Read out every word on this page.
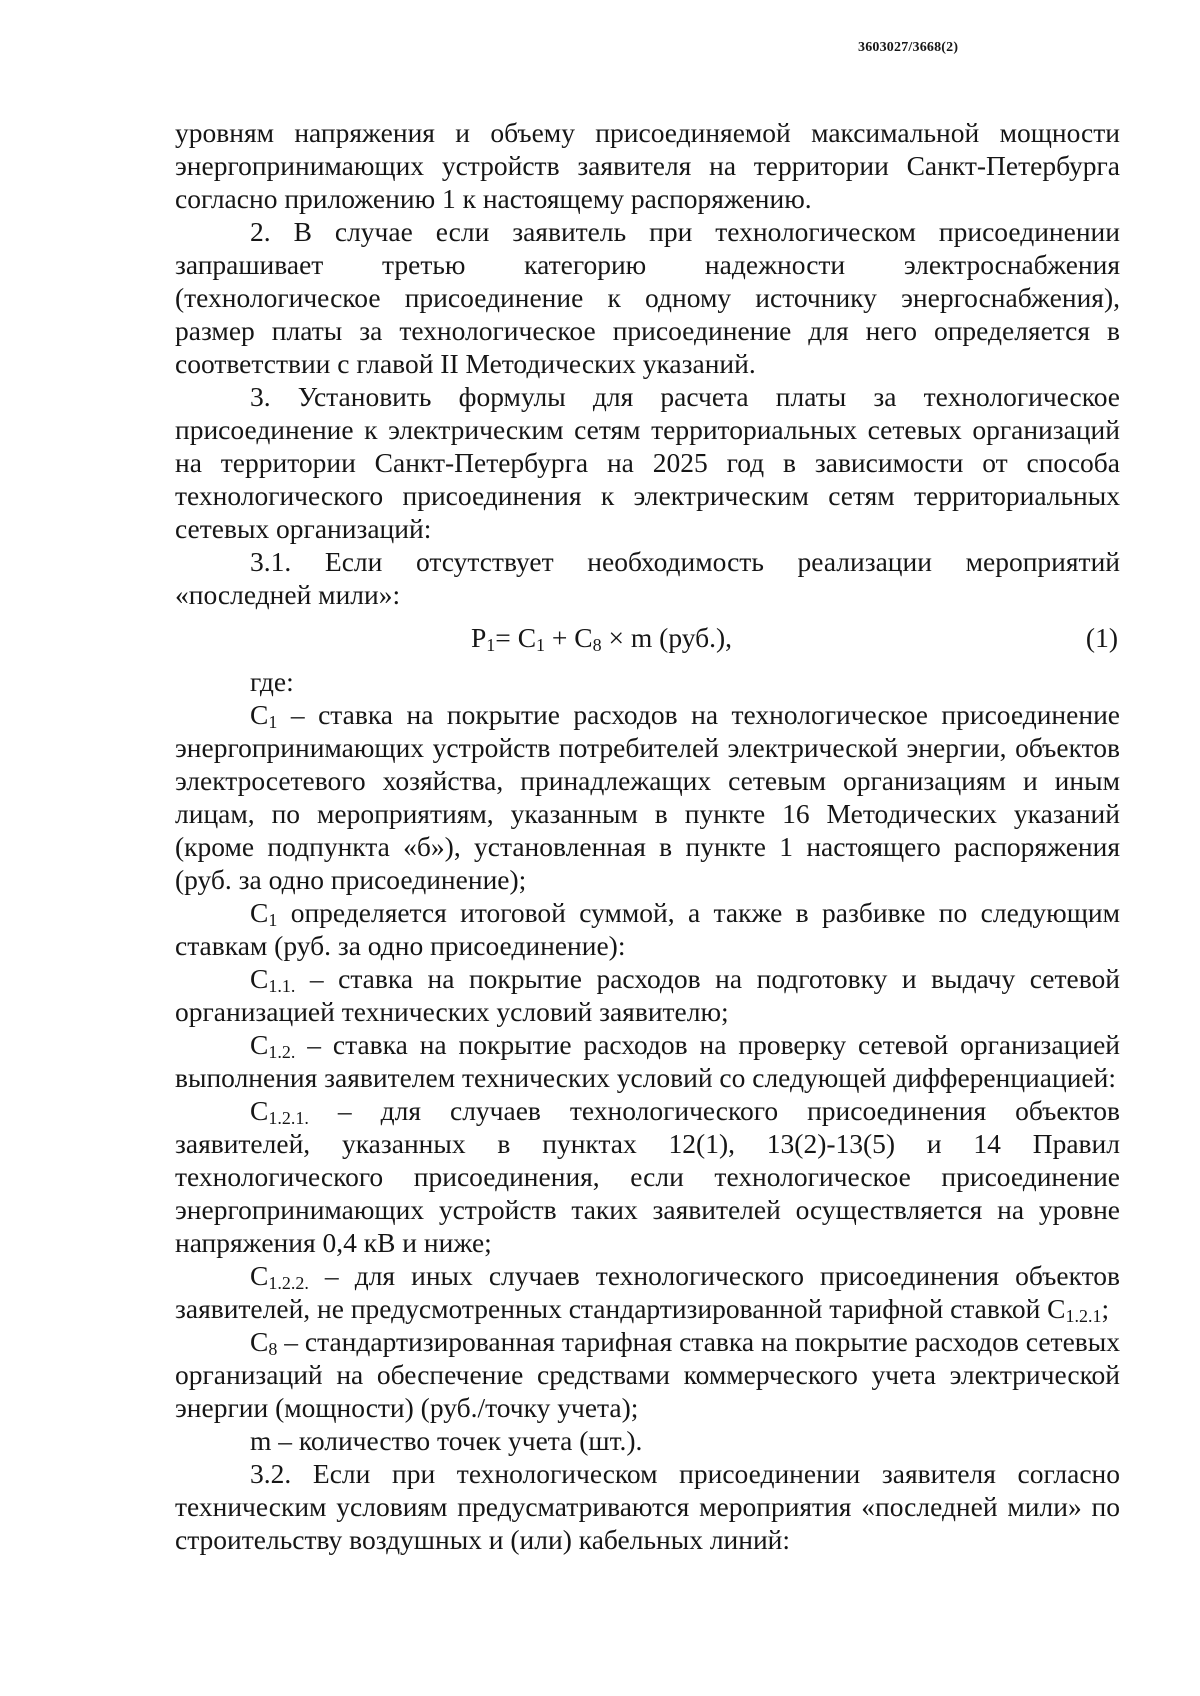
3603027/3668(2)

уровням напряжения и объему присоединяемой максимальной мощности энергопринимающих устройств заявителя на территории Санкт-Петербурга согласно приложению 1 к настоящему распоряжению.

2. В случае если заявитель при технологическом присоединении запрашивает третью категорию надежности электроснабжения (технологическое присоединение к одному источнику энергоснабжения), размер платы за технологическое присоединение для него определяется в соответствии с главой II Методических указаний.

3. Установить формулы для расчета платы за технологическое присоединение к электрическим сетям территориальных сетевых организаций на территории Санкт-Петербурга на 2025 год в зависимости от способа технологического присоединения к электрическим сетям территориальных сетевых организаций:

3.1. Если отсутствует необходимость реализации мероприятий «последней мили»:

$P_1= С_1 + С_8 \times m$ (руб.),	(1)

где:

$С_1$ – ставка на покрытие расходов на технологическое присоединение энергопринимающих устройств потребителей электрической энергии, объектов электросетевого хозяйства, принадлежащих сетевым организациям и иным лицам, по мероприятиям, указанным в пункте 16 Методических указаний (кроме подпункта «б»), установленная в пункте 1 настоящего распоряжения (руб. за одно присоединение);

$С_1$ определяется итоговой суммой, а также в разбивке по следующим ставкам (руб. за одно присоединение):

$С_{1.1.}$ – ставка на покрытие расходов на подготовку и выдачу сетевой организацией технических условий заявителю;

$С_{1.2.}$ – ставка на покрытие расходов на проверку сетевой организацией выполнения заявителем технических условий со следующей дифференциацией:

$С_{1.2.1.}$ – для случаев технологического присоединения объектов заявителей, указанных в пунктах 12(1), 13(2)-13(5) и 14 Правил технологического присоединения, если технологическое присоединение энергопринимающих устройств таких заявителей осуществляется на уровне напряжения 0,4 кВ и ниже;

$С_{1.2.2.}$ – для иных случаев технологического присоединения объектов заявителей, не предусмотренных стандартизированной тарифной ставкой $С_{1.2.1}$;

$С_8$ – стандартизированная тарифная ставка на покрытие расходов сетевых организаций на обеспечение средствами коммерческого учета электрической энергии (мощности) (руб./точку учета);

m – количество точек учета (шт.).

3.2. Если при технологическом присоединении заявителя согласно техническим условиям предусматриваются мероприятия «последней мили» по строительству воздушных и (или) кабельных линий:
